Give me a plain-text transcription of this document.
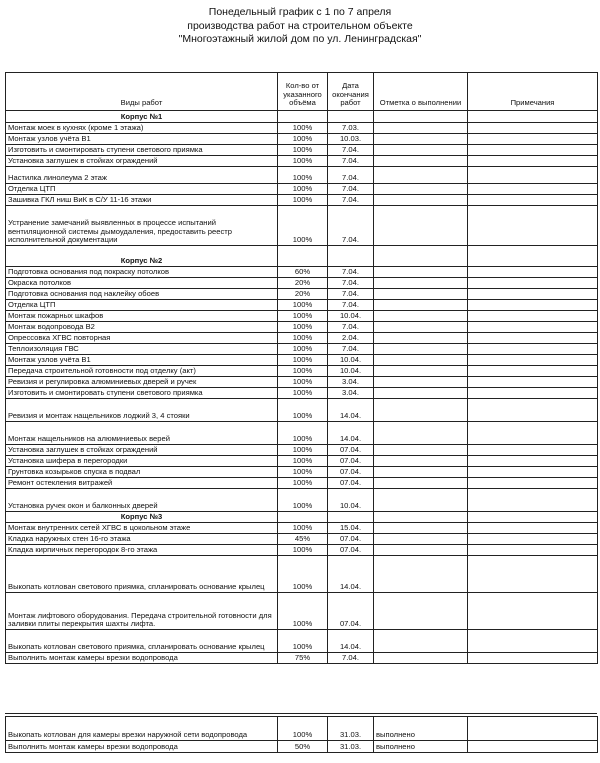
Понедельный график с 1 по 7 апреля
производства работ на строительном объекте
"Многоэтажный жилой дом по ул. Ленинградская"
Виды работ	Кол-во от указанного объёма	Дата окончания работ	Отметка о выполнении	Примечания
Корпус №1				
Монтаж моек в кухнях (кроме 1 этажа)	100%	7.03.		
Монтаж узлов учёта В1	100%	10.03.		
Изготовить и смонтировать ступени светового приямка	100%	7.04.		
Установка заглушек в стойках ограждений	100%	7.04.		
Настилка линолеума 2 этаж	100%	7.04.		
Отделка ЦТП	100%	7.04.		
Зашивка ГКЛ ниш ВиК в С/У 11-16 этажи	100%	7.04.		
Устранение замечаний выявленных в процессе испытаний вентиляционной системы дымоудаления, предоставить реестр исполнительной документации	100%	7.04.		
Корпус №2				
Подготовка основания под покраску потолков	60%	7.04.		
Окраска потолков	20%	7.04.		
Подготовка основания под наклейку обоев	20%	7.04.		
Отделка ЦТП	100%	7.04.		
Монтаж пожарных шкафов	100%	10.04.		
Монтаж водопровода В2	100%	7.04.		
Опрессовка ХГВС повторная	100%	2.04.		
Теплоизоляция ГВС	100%	7.04.		
Монтаж узлов учёта В1	100%	10.04.		
Передача строительной готовности под отделку (акт)	100%	10.04.		
Ревизия и регулировка алюминиевых дверей и ручек	100%	3.04.		
Изготовить и смонтировать ступени светового приямка	100%	3.04.		
Ревизия и монтаж нащельников лоджий 3, 4 стояки	100%	14.04.		
Монтаж нащельников на алюминиевых верей	100%	14.04.		
Установка заглушек в стойках ограждений	100%	07.04.		
Установка шифера в перегородки	100%	07.04.		
Грунтовка козырьков спуска в подвал	100%	07.04.		
Ремонт остекления витражей	100%	07.04.		
Установка ручек окон и балконных дверей	100%	10.04.		
Корпус №3				
Монтаж внутренних сетей ХГВС в цокольном этаже	100%	15.04.		
Кладка наружных стен 16-го этажа	45%	07.04.		
Кладка кирпичных перегородок 8-го этажа	100%	07.04.		
Выкопать котлован светового приямка, спланировать основание крылец	100%	14.04.		
Монтаж лифтового оборудования. Передача строительной готовности для заливки плиты перекрытия шахты лифта.	100%	07.04.		
Выкопать котлован светового приямка, спланировать основание крылец	100%	14.04.		
Выполнить монтаж камеры врезки водопровода	75%	7.04.		
Выкопать котлован для камеры врезки наружной сети водопровода	100%	31.03.	выполнено	
Выполнить монтаж камеры врезки водопровода	50%	31.03.	выполнено	
